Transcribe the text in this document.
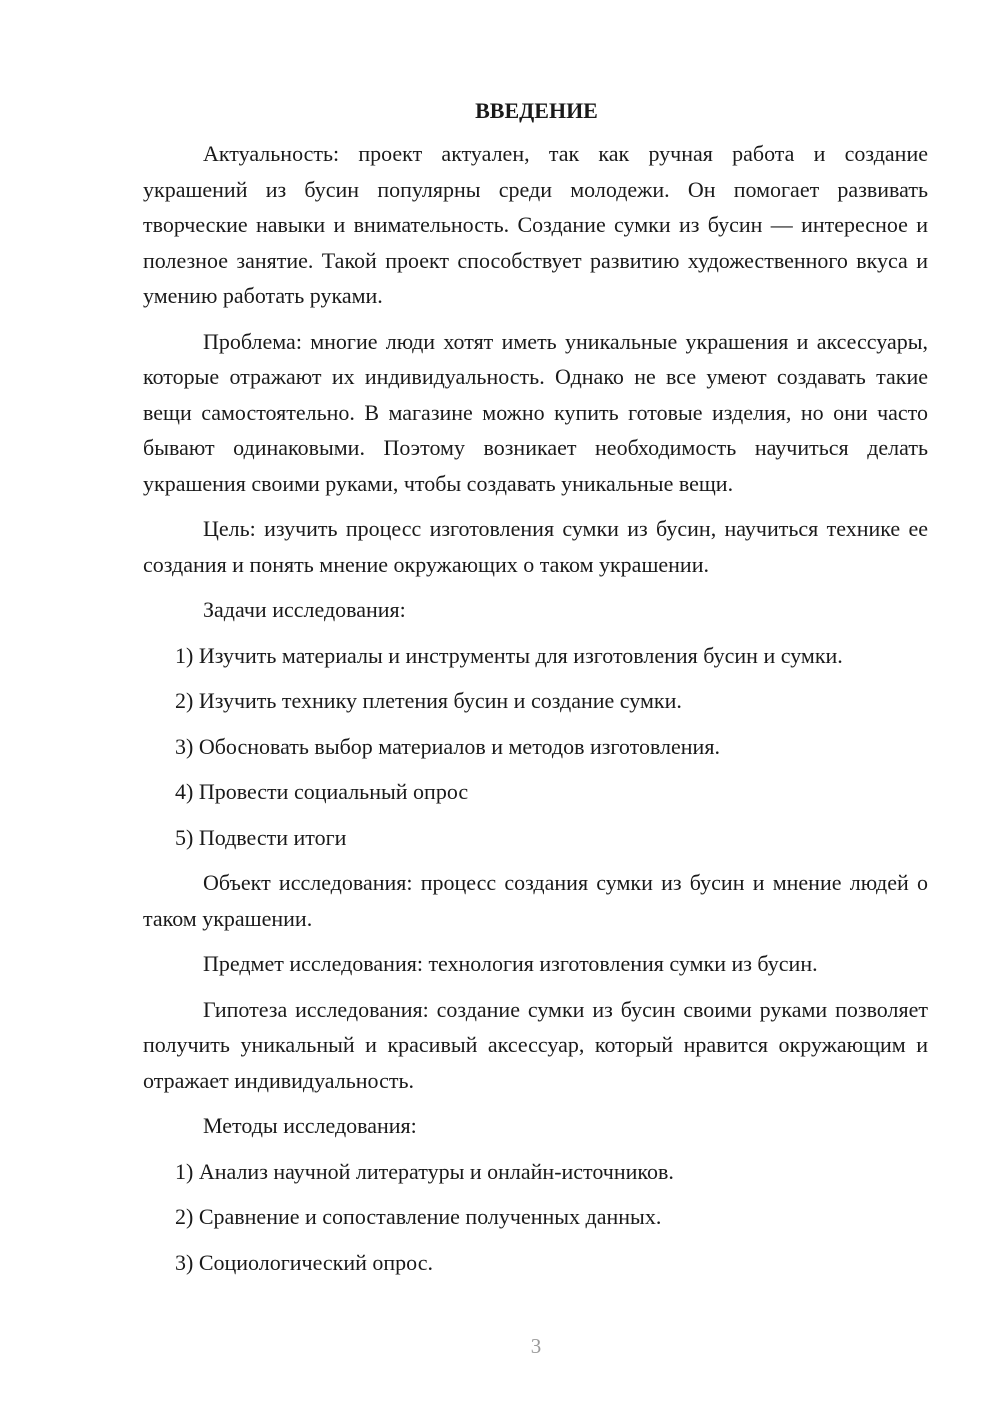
ВВЕДЕНИЕ

Актуальность: проект актуален, так как ручная работа и создание украшений из бусин популярны среди молодежи. Он помогает развивать творческие навыки и внимательность. Создание сумки из бусин — интересное и полезное занятие. Такой проект способствует развитию художественного вкуса и умению работать руками.

Проблема: многие люди хотят иметь уникальные украшения и аксессуары, которые отражают их индивидуальность. Однако не все умеют создавать такие вещи самостоятельно. В магазине можно купить готовые изделия, но они часто бывают одинаковыми. Поэтому возникает необходимость научиться делать украшения своими руками, чтобы создавать уникальные вещи.

Цель: изучить процесс изготовления сумки из бусин, научиться технике ее создания и понять мнение окружающих о таком украшении.

Задачи исследования:

1) Изучить материалы и инструменты для изготовления бусин и сумки.
2) Изучить технику плетения бусин и создание сумки.
3) Обосновать выбор материалов и методов изготовления.
4) Провести социальный опрос
5) Подвести итоги

Объект исследования: процесс создания сумки из бусин и мнение людей о таком украшении.

Предмет исследования: технология изготовления сумки из бусин.

Гипотеза исследования: создание сумки из бусин своими руками позволяет получить уникальный и красивый аксессуар, который нравится окружающим и отражает индивидуальность.

Методы исследования:

1) Анализ научной литературы и онлайн-источников.
2) Сравнение и сопоставление полученных данных.
3) Социологический опрос.
3
